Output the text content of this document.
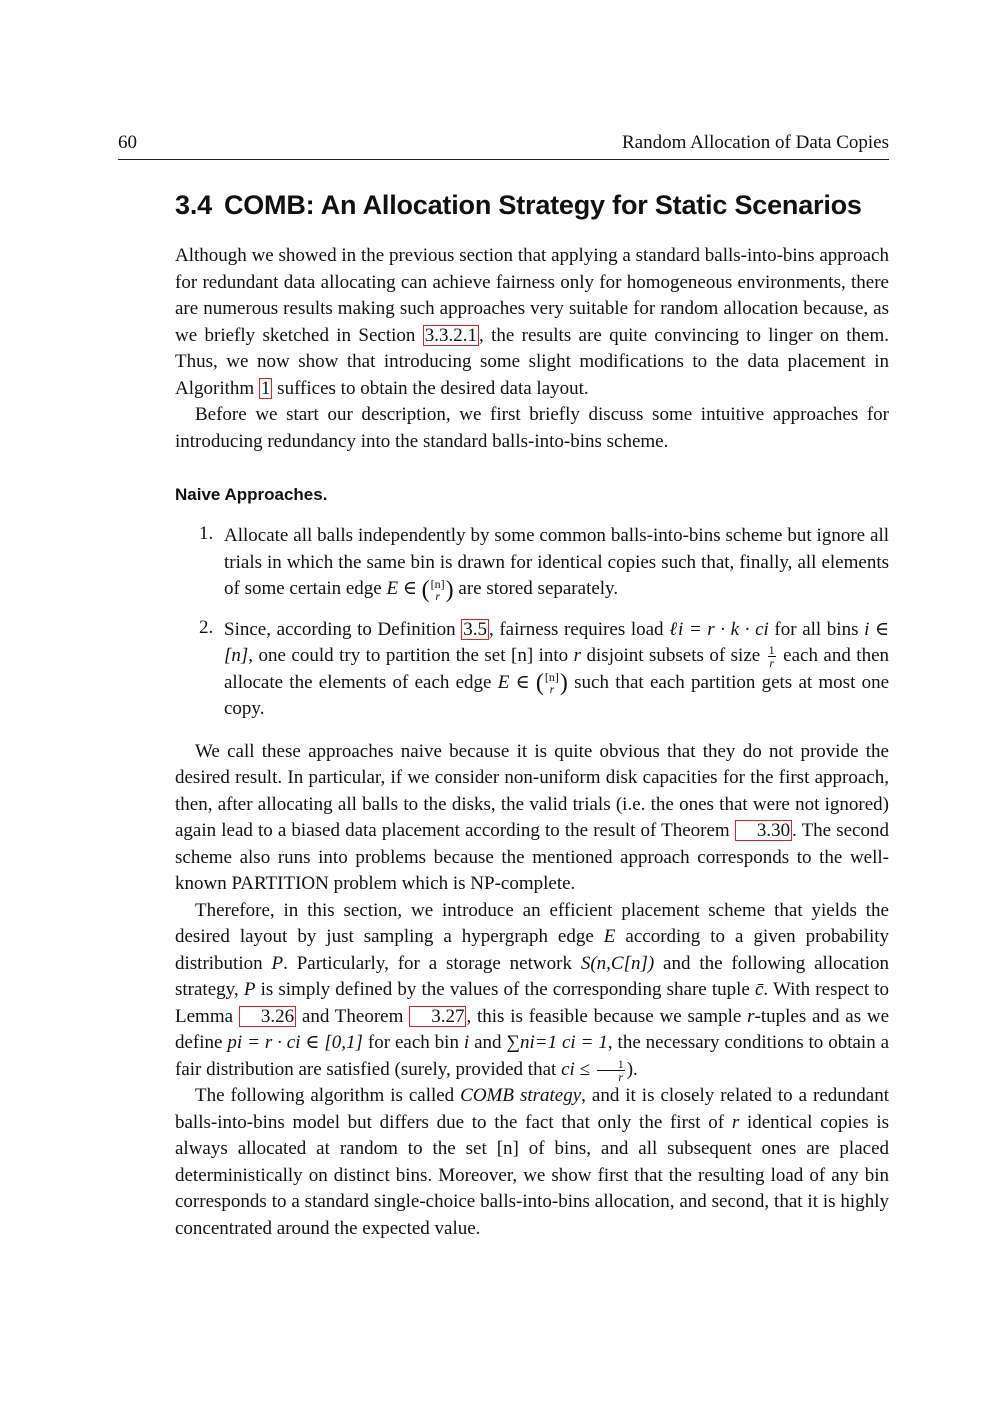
60	Random Allocation of Data Copies
3.4 COMB: An Allocation Strategy for Static Scenarios

Although we showed in the previous section that applying a standard balls-into-bins approach for redundant data allocating can achieve fairness only for homogeneous environments, there are numerous results making such approaches very suitable for random allocation because, as we briefly sketched in Section 3.3.2.1 , the results are quite convincing to linger on them. Thus, we now show that introducing some slight modifications to the data placement in Algorithm 1 suffices to obtain the desired data layout.

Before we start our description, we first briefly discuss some intuitive approaches for introducing redundancy into the standard balls-into-bins scheme.

Naive Approaches.
1. Allocate all balls independently by some common balls-into-bins scheme but ignore all trials in which the same bin is drawn for identical copies such that, finally, all elements of some certain edge E ∈ ( [n]
r ) are stored separately.

2. Since, according to Definition 3.5 , fairness requires load ℓi = r · k · ci for all bins i ∈ [n], one could try to partition the set [n] into r disjoint subsets of size $\frac{1}{r}$ each and then allocate the elements of each edge E ∈ ( [n]
r ) such that each partition gets at most one copy.

We call these approaches naive because it is quite obvious that they do not provide the desired result. In particular, if we consider non-uniform disk capacities for the first approach, then, after allocating all balls to the disks, the valid trials (i.e. the ones that were not ignored) again lead to a biased data placement according to the result of Theorem 3.30 . The second scheme also runs into problems because the mentioned approach corresponds to the well-known PARTITION problem which is NP-complete.

Therefore, in this section, we introduce an efficient placement scheme that yields the desired layout by just sampling a hypergraph edge E according to a given probability distribution P. Particularly, for a storage network S(n,C[n]) and the following allocation strategy, P is simply defined by the values of the corresponding share tuple c̄. With respect to Lemma 3.26 and Theorem 3.27 , this is feasible because we sample r-tuples and as we define pi = r · ci ∈ [0,1] for each bin i and ∑ni=1 ci = 1, the necessary conditions to obtain a fair distribution are satisfied (surely, provided that ci ≤ $\frac{1}{r}$ ).

The following algorithm is called COMB strategy, and it is closely related to a redundant balls-into-bins model but differs due to the fact that only the first of r identical copies is always allocated at random to the set [n] of bins, and all subsequent ones are placed deterministically on distinct bins. Moreover, we show first that the resulting load of any bin corresponds to a standard single-choice balls-into-bins allocation, and second, that it is highly concentrated around the expected value.
